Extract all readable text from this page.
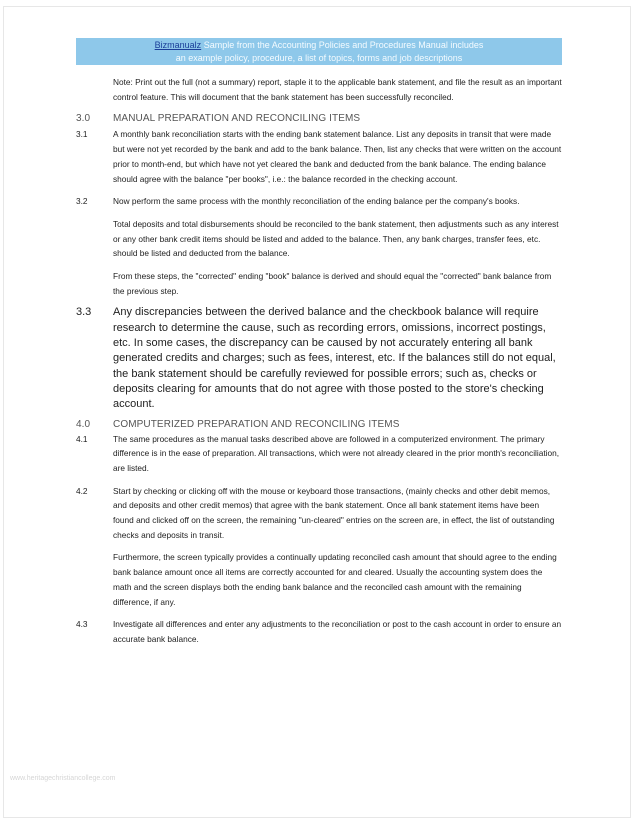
Bizmanualz Sample from the Accounting Policies and Procedures Manual includes
an example policy, procedure, a list of topics, forms and job descriptions

Note: Print out the full (not a summary) report, staple it to the applicable bank statement, and file the result as an important control feature. This will document that the bank statement has been successfully reconciled.

3.0	MANUAL PREPARATION AND RECONCILING ITEMS
3.1	A monthly bank reconciliation starts with the ending bank statement balance. List any deposits in transit that were made but were not yet recorded by the bank and add to the bank balance. Then, list any checks that were written on the account prior to month-end, but which have not yet cleared the bank and deducted from the bank balance. The ending balance should agree with the balance "per books", i.e.: the balance recorded in the checking account.
3.2	Now perform the same process with the monthly reconciliation of the ending balance per the company's books.

Total deposits and total disbursements should be reconciled to the bank statement, then adjustments such as any interest or any other bank credit items should be listed and added to the balance. Then, any bank charges, transfer fees, etc. should be listed and deducted from the balance.

From these steps, the "corrected" ending "book" balance is derived and should equal the "corrected" bank balance from the previous step.

3.3	Any discrepancies between the derived balance and the checkbook balance will require research to determine the cause, such as recording errors, omissions, incorrect postings, etc. In some cases, the discrepancy can be caused by not accurately entering all bank generated credits and charges; such as fees, interest, etc. If the balances still do not equal, the bank statement should be carefully reviewed for possible errors; such as, checks or deposits clearing for amounts that do not agree with those posted to the store's checking account.
4.0	COMPUTERIZED PREPARATION AND RECONCILING ITEMS
4.1	The same procedures as the manual tasks described above are followed in a computerized environment. The primary difference is in the ease of preparation. All transactions, which were not already cleared in the prior month's reconciliation, are listed.
4.2	Start by checking or clicking off with the mouse or keyboard those transactions, (mainly checks and other debit memos, and deposits and other credit memos) that agree with the bank statement. Once all bank statement items have been found and clicked off on the screen, the remaining "un-cleared" entries on the screen are, in effect, the list of outstanding checks and deposits in transit.

Furthermore, the screen typically provides a continually updating reconciled cash amount that should agree to the ending bank balance amount once all items are correctly accounted for and cleared. Usually the accounting system does the math and the screen displays both the ending bank balance and the reconciled cash amount with the remaining difference, if any.

4.3	Investigate all differences and enter any adjustments to the reconciliation or post to the cash account in order to ensure an accurate bank balance.
www.heritagechristiancollege.com
